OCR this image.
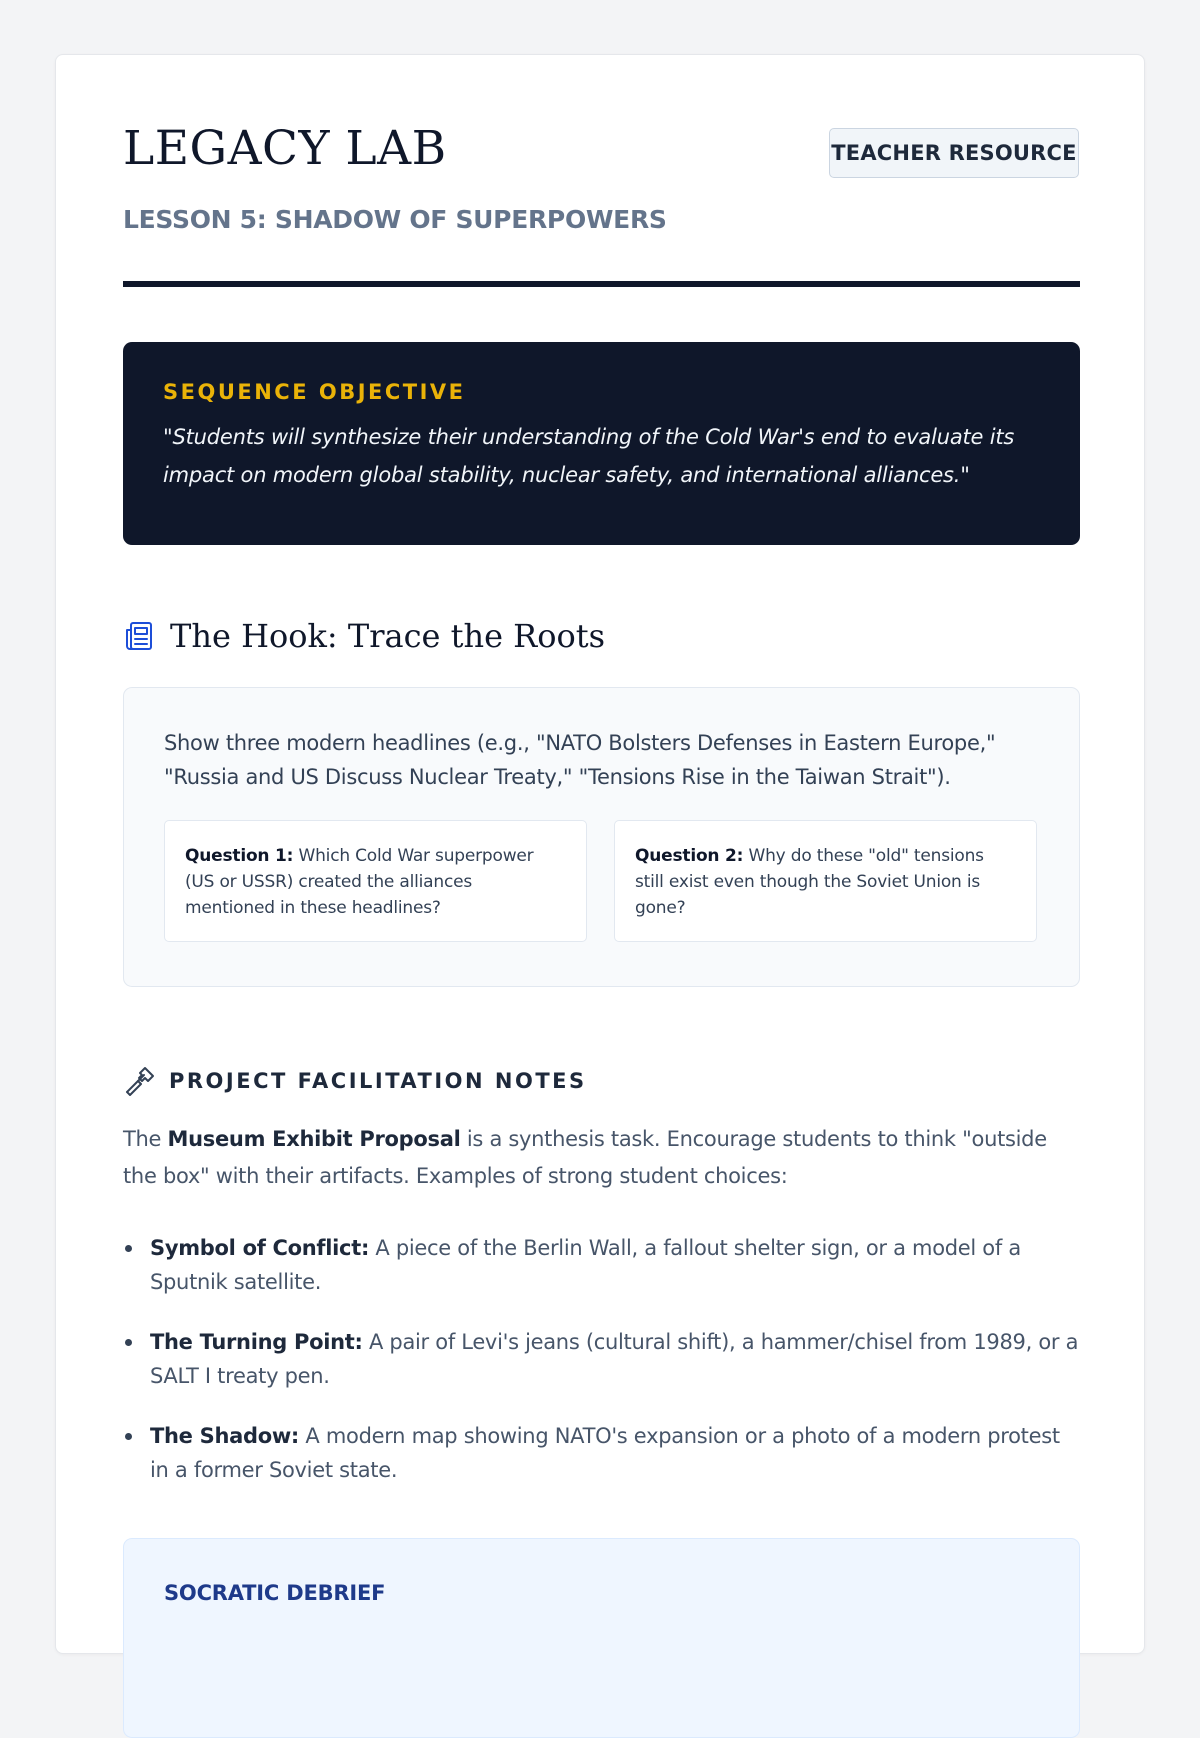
LEGACY LAB	TEACHER RESOURCE
LESSON 5: SHADOW OF SUPERPOWERS
SEQUENCE OBJECTIVE
"Students will synthesize their understanding of the Cold War's end to evaluate its impact on modern global stability, nuclear safety, and international alliances."
The Hook: Trace the Roots
Show three modern headlines (e.g., "NATO Bolsters Defenses in Eastern Europe," "Russia and US Discuss Nuclear Treaty," "Tensions Rise in the Taiwan Strait").
Question 1: Which Cold War superpower (US or USSR) created the alliances mentioned in these headlines?
Question 2: Why do these "old" tensions still exist even though the Soviet Union is gone?
PROJECT FACILITATION NOTES
The Museum Exhibit Proposal is a synthesis task. Encourage students to think "outside the box" with their artifacts. Examples of strong student choices:
Symbol of Conflict: A piece of the Berlin Wall, a fallout shelter sign, or a model of a Sputnik satellite.
The Turning Point: A pair of Levi's jeans (cultural shift), a hammer/chisel from 1989, or a SALT I treaty pen.
The Shadow: A modern map showing NATO's expansion or a photo of a modern protest in a former Soviet state.
SOCRATIC DEBRIEF
